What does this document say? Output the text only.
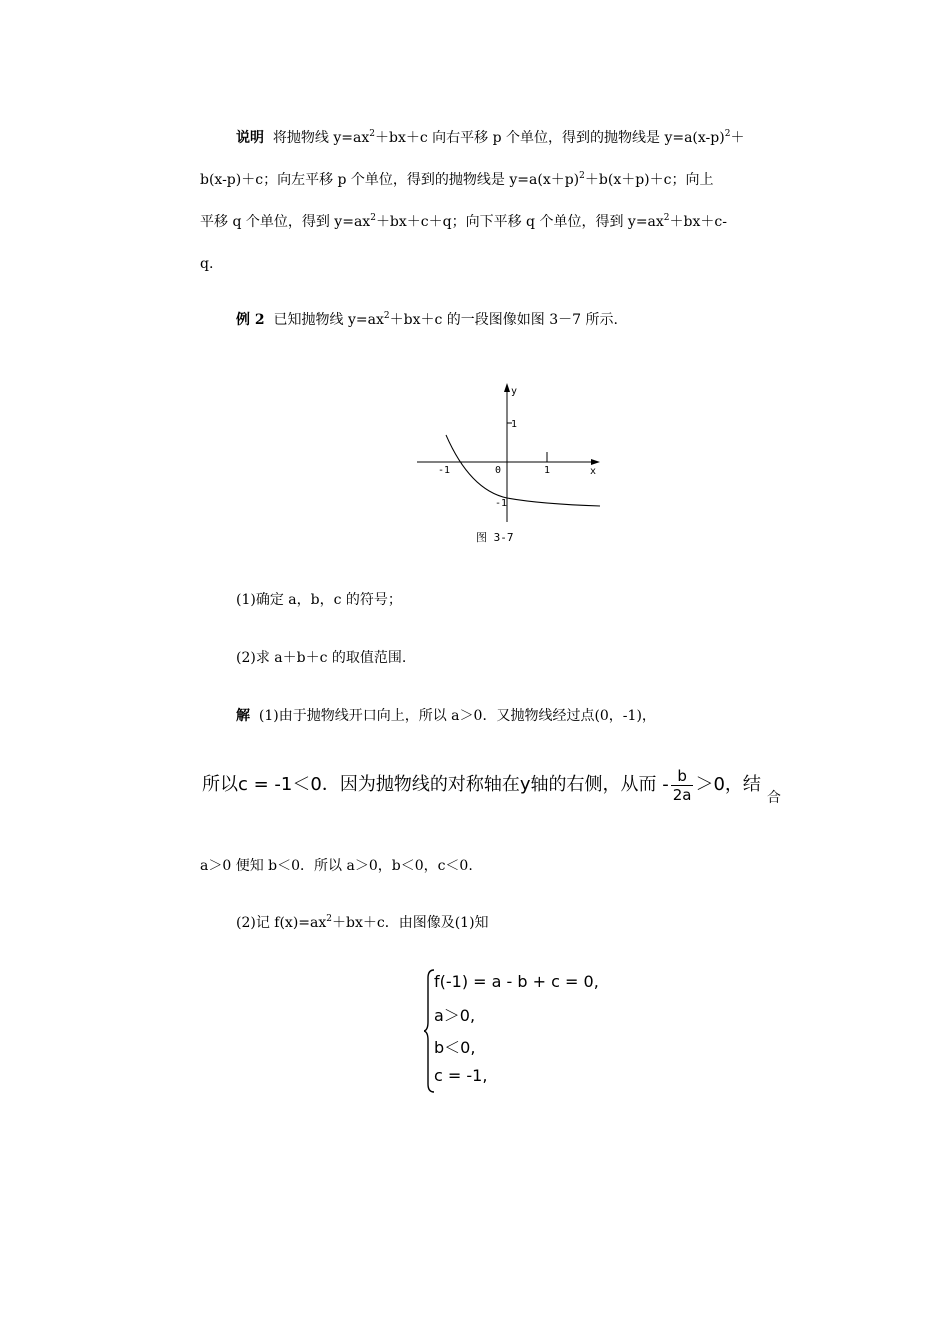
说明 将抛物线 $y=ax^2+bx+c$ 向右平移 p 个单位，得到的抛物线是 $y=a(x-p)^2+$
b(x-p)＋c；向左平移 p 个单位，得到的抛物线是 $y=a(x+p)^2+b(x+p)+c$；向上
平移 q 个单位，得到 $y=ax^2+bx+c+q$；向下平移 q 个单位，得到 $y=ax^2+bx+c-$
q.
例 2 已知抛物线 $y=ax^2+bx+c$ 的一段图像如图 3－7 所示.
y
x
1
-1	0	1
-1
图 3-7
(1)确定 a，b，c 的符号；
(2)求 a＋b＋c 的取值范围.
解 (1)由于抛物线开口向上，所以 a＞0．又抛物线经过点(0，-1)，
所以c = -1＜0．因为抛物线的对称轴在y轴的右侧，从而 - $\frac{b}{2a} >0$，结$_合$
a＞0 便知 b＜0．所以 a＞0，b＜0，c＜0.
(2)记 $f(x)=ax^2+bx+c$．由图像及(1)知
f(-1) = a - b + c = 0,
a＞0,
b＜0,
c = -1,
